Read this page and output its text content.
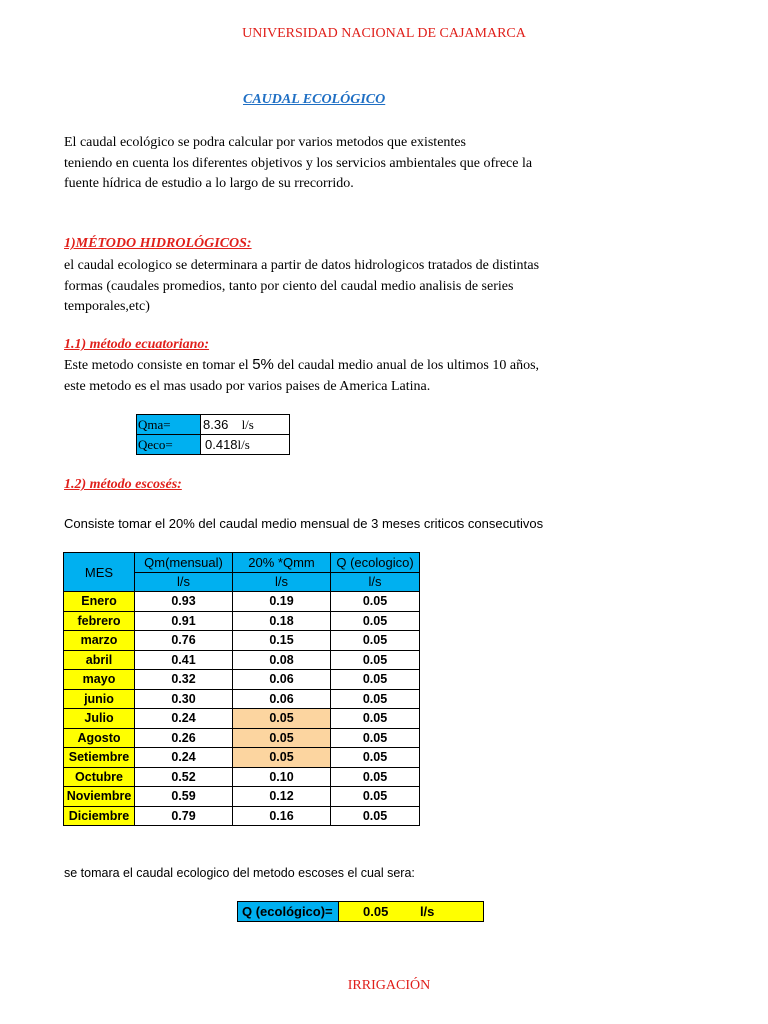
UNIVERSIDAD NACIONAL DE CAJAMARCA
CAUDAL ECOLÓGICO
El caudal ecológico se podra calcular por varios metodos que existentes
teniendo en cuenta los diferentes objetivos y los servicios ambientales que ofrece la
fuente hídrica de estudio a lo largo de su rrecorrido.
1)MÉTODO HIDROLÓGICOS:
el caudal ecologico se determinara a partir de datos hidrologicos tratados de distintas
formas (caudales promedios, tanto por ciento del caudal medio analisis de series
temporales,etc)
1.1) método ecuatoriano:
Este metodo consiste en tomar el 5% del caudal medio anual de los ultimos 10 años,
este metodo es el mas usado por varios paises de America Latina.
Qma=	8.36 l/s
Qeco=	0.418l/s
1.2) método escosés:
Consiste tomar el 20% del caudal medio mensual de 3 meses criticos consecutivos
MES	Qm(mensual)	20% *Qmm	Q (ecologico)
	l/s	l/s	l/s
Enero	0.93	0.19	0.05
febrero	0.91	0.18	0.05
marzo	0.76	0.15	0.05
abril	0.41	0.08	0.05
mayo	0.32	0.06	0.05
junio	0.30	0.06	0.05
Julio	0.24	0.05	0.05
Agosto	0.26	0.05	0.05
Setiembre	0.24	0.05	0.05
Octubre	0.52	0.10	0.05
Noviembre	0.59	0.12	0.05
Diciembre	0.79	0.16	0.05
se tomara el caudal ecologico del metodo escoses el cual sera:
Q (ecológico)=	0.05 l/s
IRRIGACIÓN
